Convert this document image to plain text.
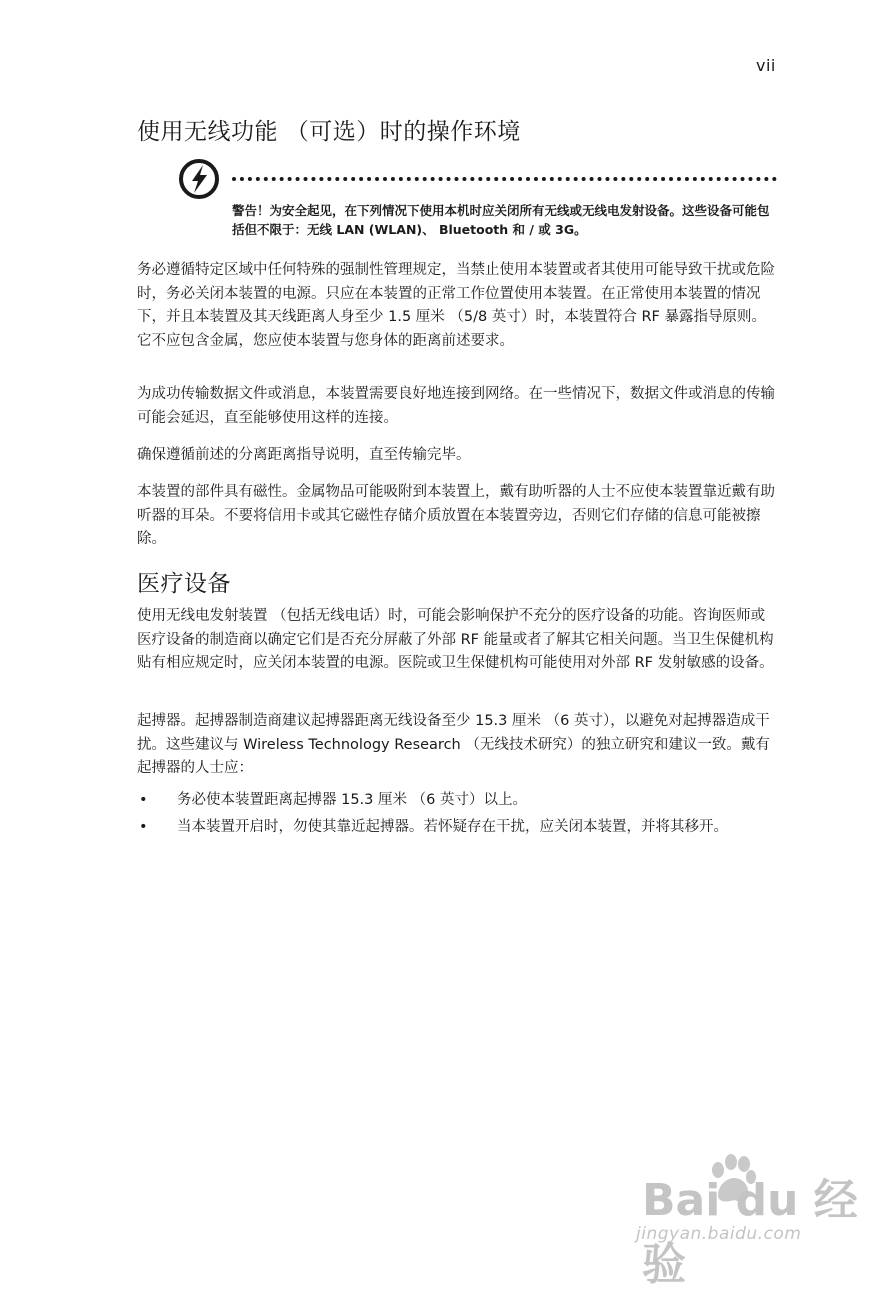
vii
使用无线功能 （可选）时的操作环境
警告！为安全起见，在下列情况下使用本机时应关闭所有无线或无线电发射设备。这些设备可能包括但不限于：无线 LAN (WLAN)、 Bluetooth 和 / 或 3G。

务必遵循特定区域中任何特殊的强制性管理规定，当禁止使用本装置或者其使用可能导致干扰或危险时，务必关闭本装置的电源。只应在本装置的正常工作位置使用本装置。在正常使用本装置的情况下，并且本装置及其天线距离人身至少 1.5 厘米 （5/8 英寸）时，本装置符合 RF 暴露指导原则。它不应包含金属，您应使本装置与您身体的距离前述要求。

为成功传输数据文件或消息，本装置需要良好地连接到网络。在一些情况下，数据文件或消息的传输可能会延迟，直至能够使用这样的连接。

确保遵循前述的分离距离指导说明，直至传输完毕。

本装置的部件具有磁性。金属物品可能吸附到本装置上，戴有助听器的人士不应使本装置靠近戴有助听器的耳朵。不要将信用卡或其它磁性存储介质放置在本装置旁边，否则它们存储的信息可能被擦除。

医疗设备

使用无线电发射装置 （包括无线电话）时，可能会影响保护不充分的医疗设备的功能。咨询医师或医疗设备的制造商以确定它们是否充分屏蔽了外部 RF 能量或者了解其它相关问题。当卫生保健机构贴有相应规定时，应关闭本装置的电源。医院或卫生保健机构可能使用对外部 RF 发射敏感的设备。

起搏器。起搏器制造商建议起搏器距离无线设备至少 15.3 厘米 （6 英寸），以避免对起搏器造成干扰。这些建议与 Wireless Technology Research （无线技术研究）的独立研究和建议一致。戴有起搏器的人士应：

• 务必使本装置距离起搏器 15.3 厘米 （6 英寸）以上。
• 当本装置开启时，勿使其靠近起搏器。若怀疑存在干扰，应关闭本装置，并将其移开。
Bai du 经验
jingyan.baidu.com
